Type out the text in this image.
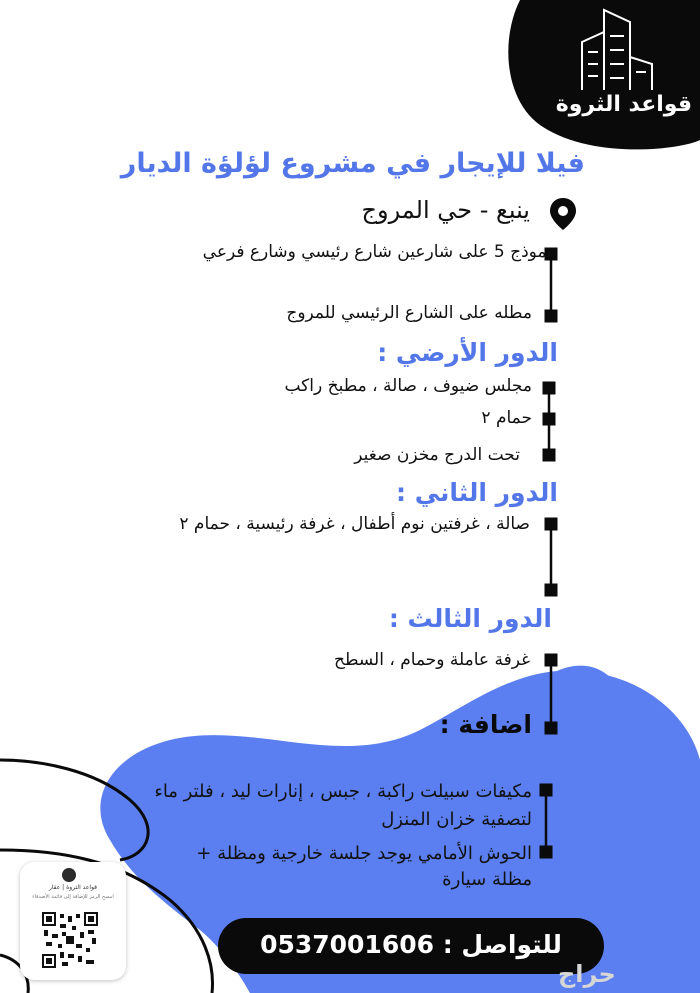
قواعد الثروة
فيلا للإيجار في مشروع لؤلؤة الديار
ينبع - حي المروج
نموذج 5 على شارعين شارع رئيسي وشارع فرعي
مطله على الشارع الرئيسي للمروج
الدور الأرضي :
مجلس ضيوف ، صالة ، مطبخ راكب
حمام ٢
تحت الدرج مخزن صغير
الدور الثاني :
صالة ، غرفتين نوم أطفال ، غرفة رئيسية ، حمام ٢
الدور الثالث :
غرفة عاملة وحمام ، السطح
اضافة :
مكيفات سبيلت راكبة ، جبس ، إنارات ليد ، فلتر ماء
لتصفية خزان المنزل
الحوش الأمامي يوجد جلسة خارجية ومظلة +
مظلة سيارة
قواعد الثروة | عقار
امسح الرمز للإضافة إلى قائمة الأصدقاء
للتواصل : 0537001606
حراج
